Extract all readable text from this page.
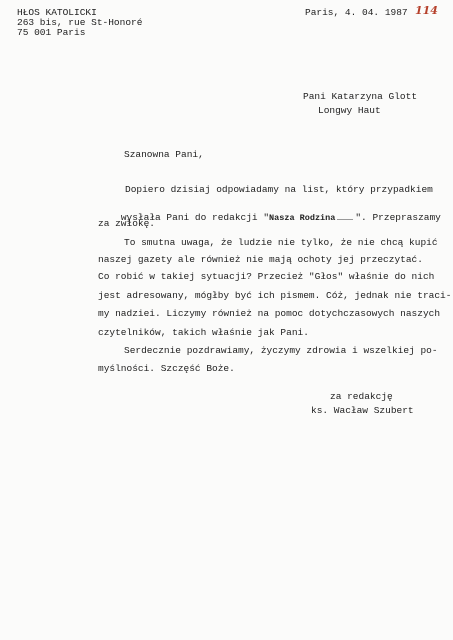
HŁOS KATOLICKI
263 bis, rue St-Honoré
75 001 Paris
Paris, 4. 04. 1987 114
Pani Katarzyna Glott
Longwy Haut
Szanowna Pani,
Dopiero dzisiaj odpowiadamy na list, który przypadkiem

wysłała Pani do redakcji "Nasza Rodzina ". Przepraszamy

za zwłokę.
To smutna uwaga, że ludzie nie tylko, że nie chcą kupić
naszej gazety ale również nie mają ochoty jej przeczytać.
Co robić w takiej sytuacji? Przecież "Głos" właśnie do nich
jest adresowany, mógłby być ich pismem. Cóż, jednak nie traci-
my nadziei. Liczymy również na pomoc dotychczasowych naszych
czytelników, takich właśnie jak Pani.
Serdecznie pozdrawiamy, życzymy zdrowia i wszelkiej po-
myślności. Szczęść Boże.
za redakcję
ks. Wacław Szubert
